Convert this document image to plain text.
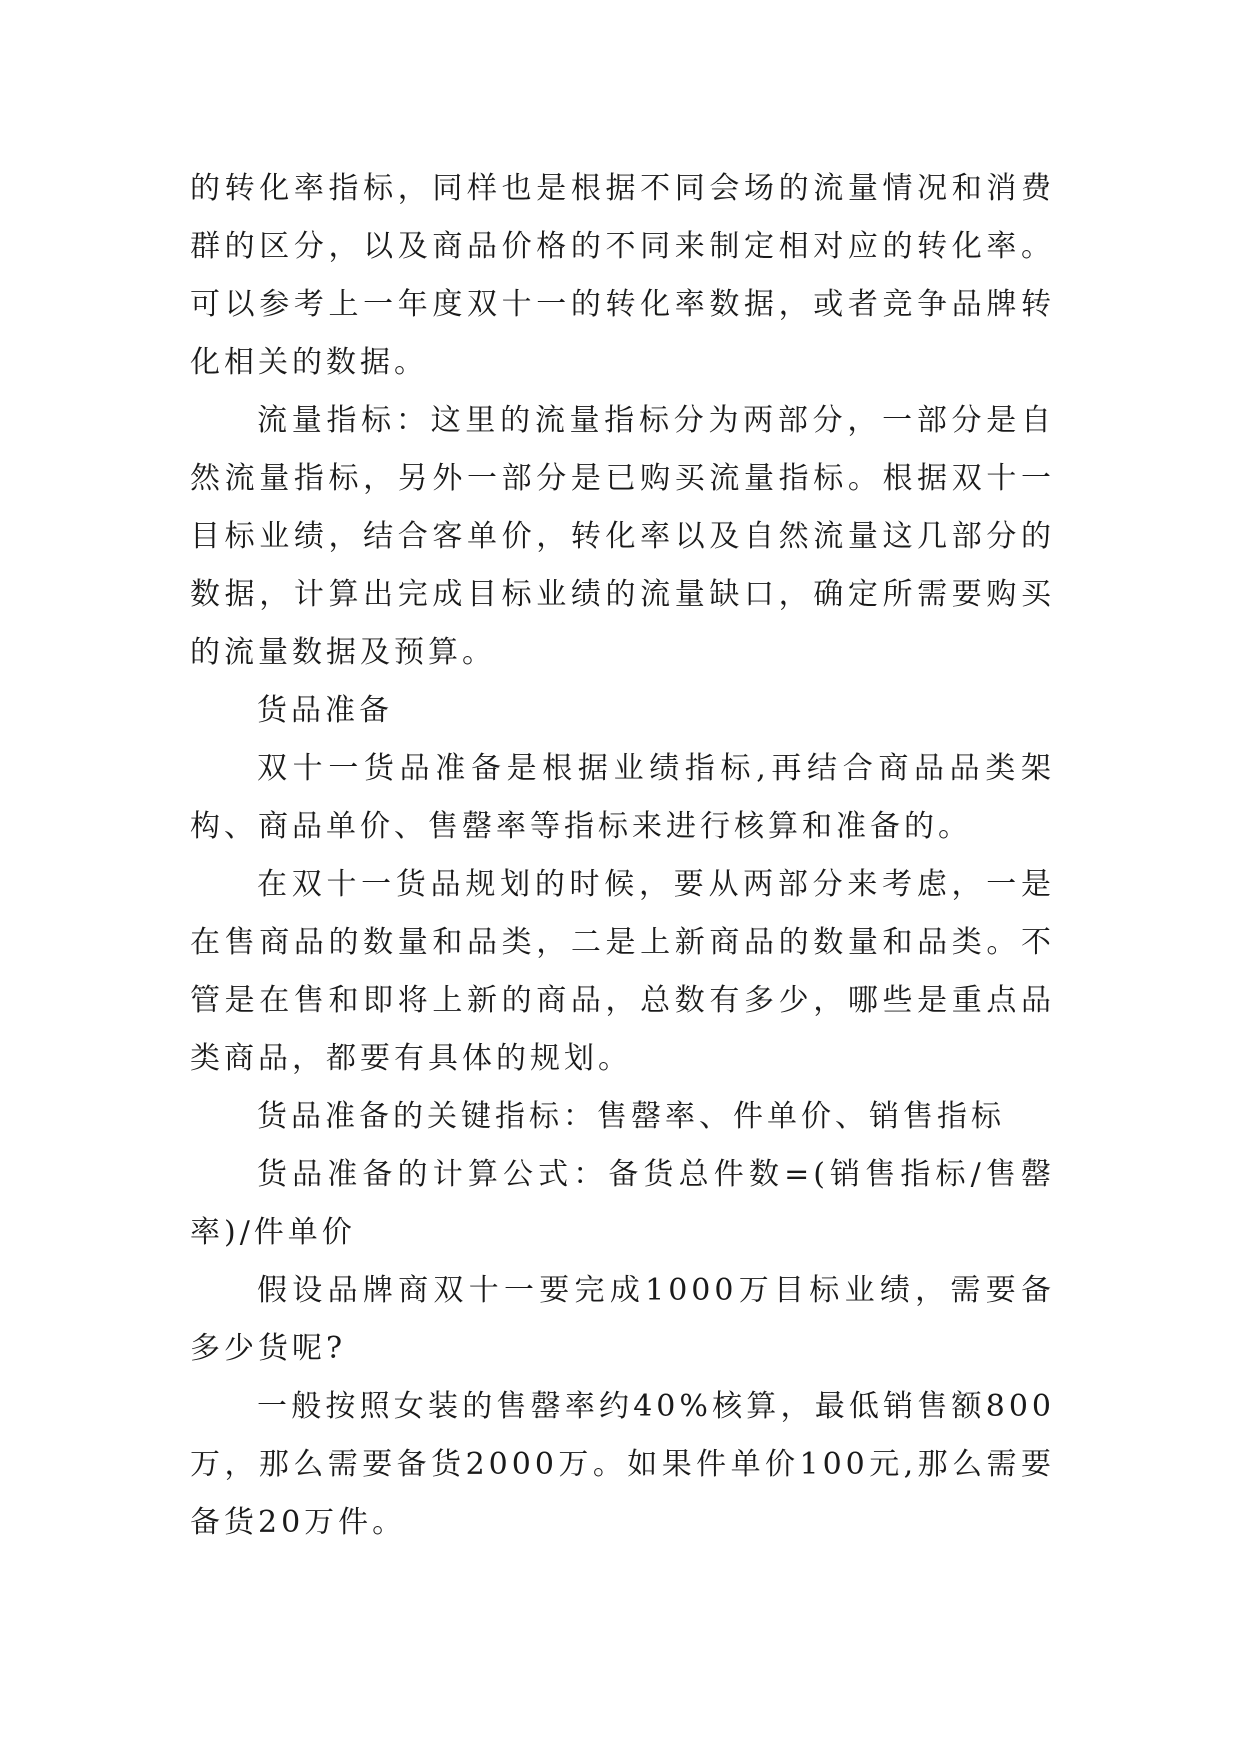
的转化率指标，同样也是根据不同会场的流量情况和消费群的区分，以及商品价格的不同来制定相对应的转化率。可以参考上一年度双十一的转化率数据，或者竞争品牌转化相关的数据。

流量指标：这里的流量指标分为两部分，一部分是自然流量指标，另外一部分是已购买流量指标。根据双十一目标业绩，结合客单价，转化率以及自然流量这几部分的数据，计算出完成目标业绩的流量缺口，确定所需要购买的流量数据及预算。

货品准备

双十一货品准备是根据业绩指标,再结合商品品类架构、商品单价、售罄率等指标来进行核算和准备的。

在双十一货品规划的时候，要从两部分来考虑，一是在售商品的数量和品类，二是上新商品的数量和品类。不管是在售和即将上新的商品，总数有多少，哪些是重点品类商品，都要有具体的规划。

货品准备的关键指标：售罄率、件单价、销售指标

货品准备的计算公式：备货总件数=(销售指标/售罄率)/件单价

假设品牌商双十一要完成1000万目标业绩，需要备多少货呢?

一般按照女装的售罄率约40%核算，最低销售额800万，那么需要备货2000万。如果件单价100元,那么需要备货20万件。
